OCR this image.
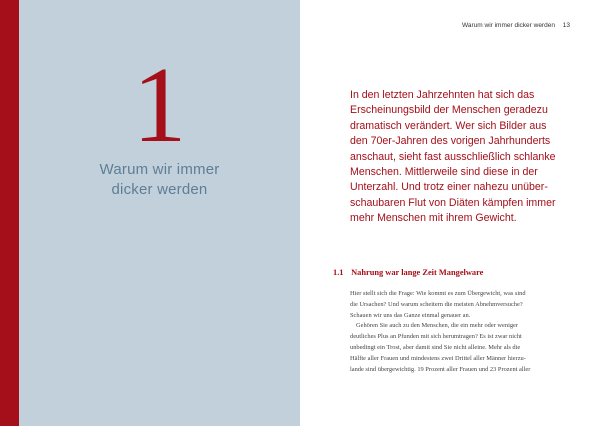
1
Warum wir immer
dicker werden
Warum wir immer dicker werden 13

In den letzten Jahrzehnten hat sich das
Erscheinungsbild der Menschen geradezu
dramatisch verändert. Wer sich Bilder aus
den 70er-Jahren des vorigen Jahrhunderts
anschaut, sieht fast ausschließlich schlanke
Menschen. Mittlerweile sind diese in der
Unterzahl. Und trotz einer nahezu unüber-
schaubaren Flut von Diäten kämpfen immer
mehr Menschen mit ihrem Gewicht.

1.1 Nahrung war lange Zeit Mangelware

Hier stellt sich die Frage: Wie kommt es zum Übergewicht, was sind
die Ursachen? Und warum scheitern die meisten Abnehmversuche?
Schauen wir uns das Ganze einmal genauer an.
Gehören Sie auch zu den Menschen, die ein mehr oder weniger
deutliches Plus an Pfunden mit sich herumtragen? Es ist zwar nicht
unbedingt ein Trost, aber damit sind Sie nicht alleine. Mehr als die
Hälfte aller Frauen und mindestens zwei Drittel aller Männer hierzu-
lande sind übergewichtig. 19 Prozent aller Frauen und 23 Prozent aller
